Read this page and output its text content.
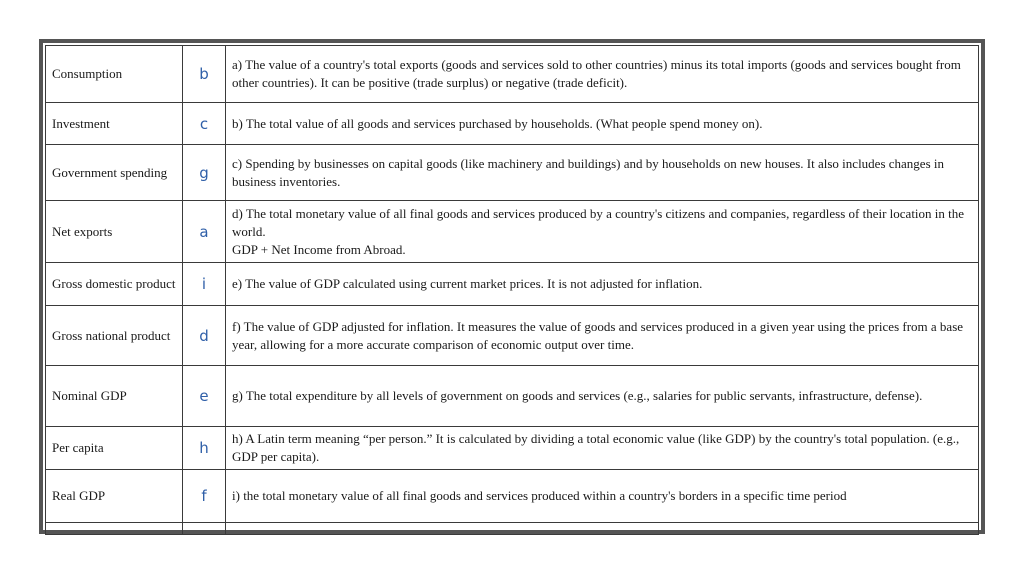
Consumption	b	a) The value of a country's total exports (goods and services sold to other countries) minus its total imports (goods and services bought from other countries). It can be positive (trade surplus) or negative (trade deficit).
Investment	c	b) The total value of all goods and services purchased by households. (What people spend money on).
Government spending	g	c) Spending by businesses on capital goods (like machinery and buildings) and by households on new houses. It also includes changes in business inventories.
Net exports	a	d) The total monetary value of all final goods and services produced by a country's citizens and companies, regardless of their location in the world.
GDP + Net Income from Abroad.

Gross domestic product	i	e) The value of GDP calculated using current market prices. It is not adjusted for inflation.
Gross national product	d	f) The value of GDP adjusted for inflation. It measures the value of goods and services produced in a given year using the prices from a base year, allowing for a more accurate comparison of economic output over time.
Nominal GDP	e	g) The total expenditure by all levels of government on goods and services (e.g., salaries for public servants, infrastructure, defense).
Per capita	h	h) A Latin term meaning “per person.” It is calculated by dividing a total economic value (like GDP) by the country's total population. (e.g., GDP per capita).
Real GDP	f	i) the total monetary value of all final goods and services produced within a country's borders in a specific time period
